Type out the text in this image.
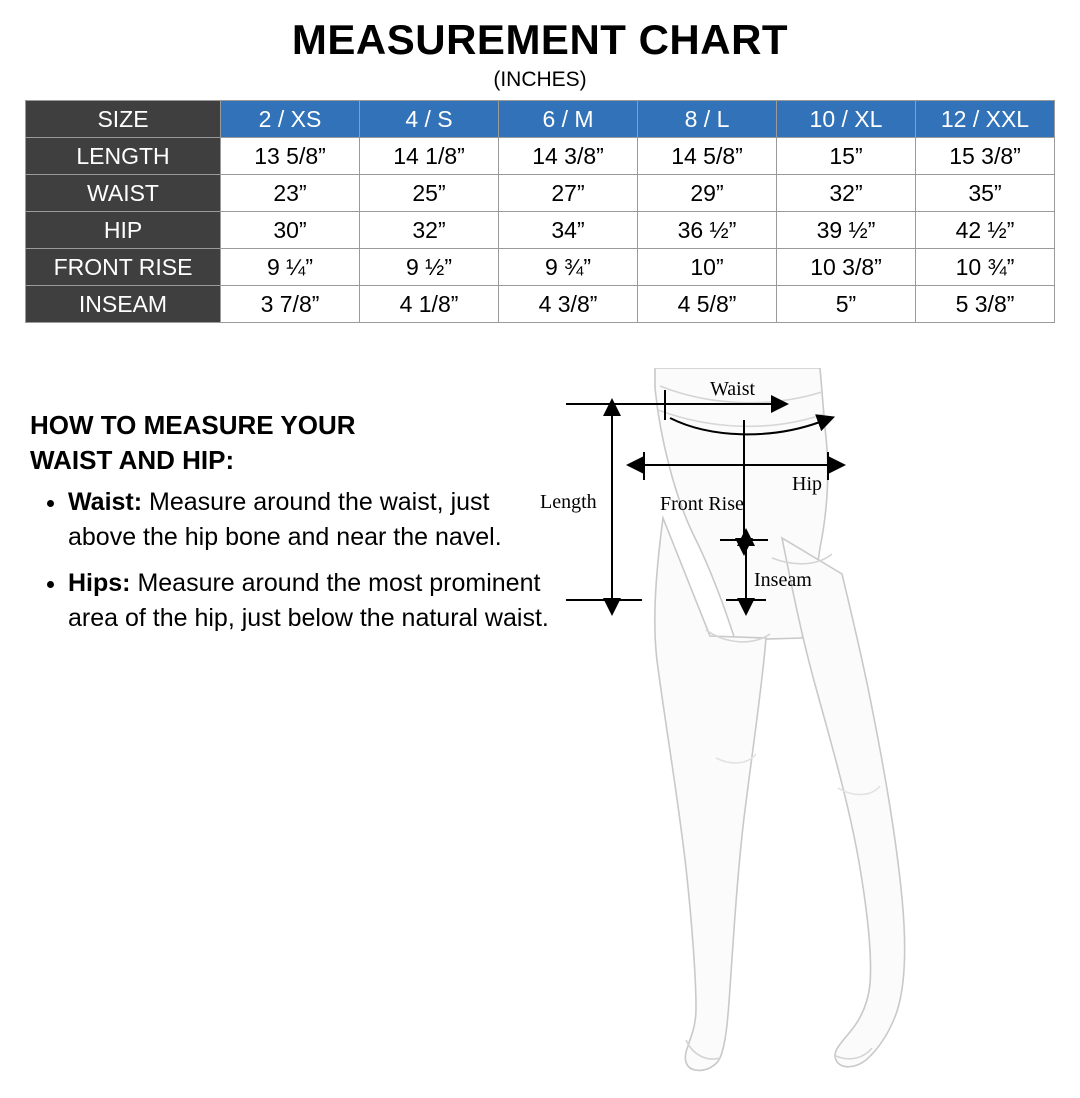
MEASUREMENT CHART
(INCHES)
SIZE	2 / XS	4 / S	6 / M	8 / L	10 / XL	12 / XXL
LENGTH	13 5/8”	14 1/8”	14 3/8”	14 5/8”	15”	15 3/8”
WAIST	23”	25”	27”	29”	32”	35”
HIP	30”	32”	34”	36 ½”	39 ½”	42 ½”
FRONT RISE	9 ¼”	9 ½”	9 ¾”	10”	10 3/8”	10 ¾”
INSEAM	3 7/8”	4 1/8”	4 3/8”	4 5/8”	5”	5 3/8”
HOW TO MEASURE YOUR
WAIST AND HIP:
• Waist: Measure around the waist, just above the hip bone and near the navel.
• Hips: Measure around the most prominent area of the hip, just below the natural waist.
Waist
Hip
Length	Front Rise
Inseam
